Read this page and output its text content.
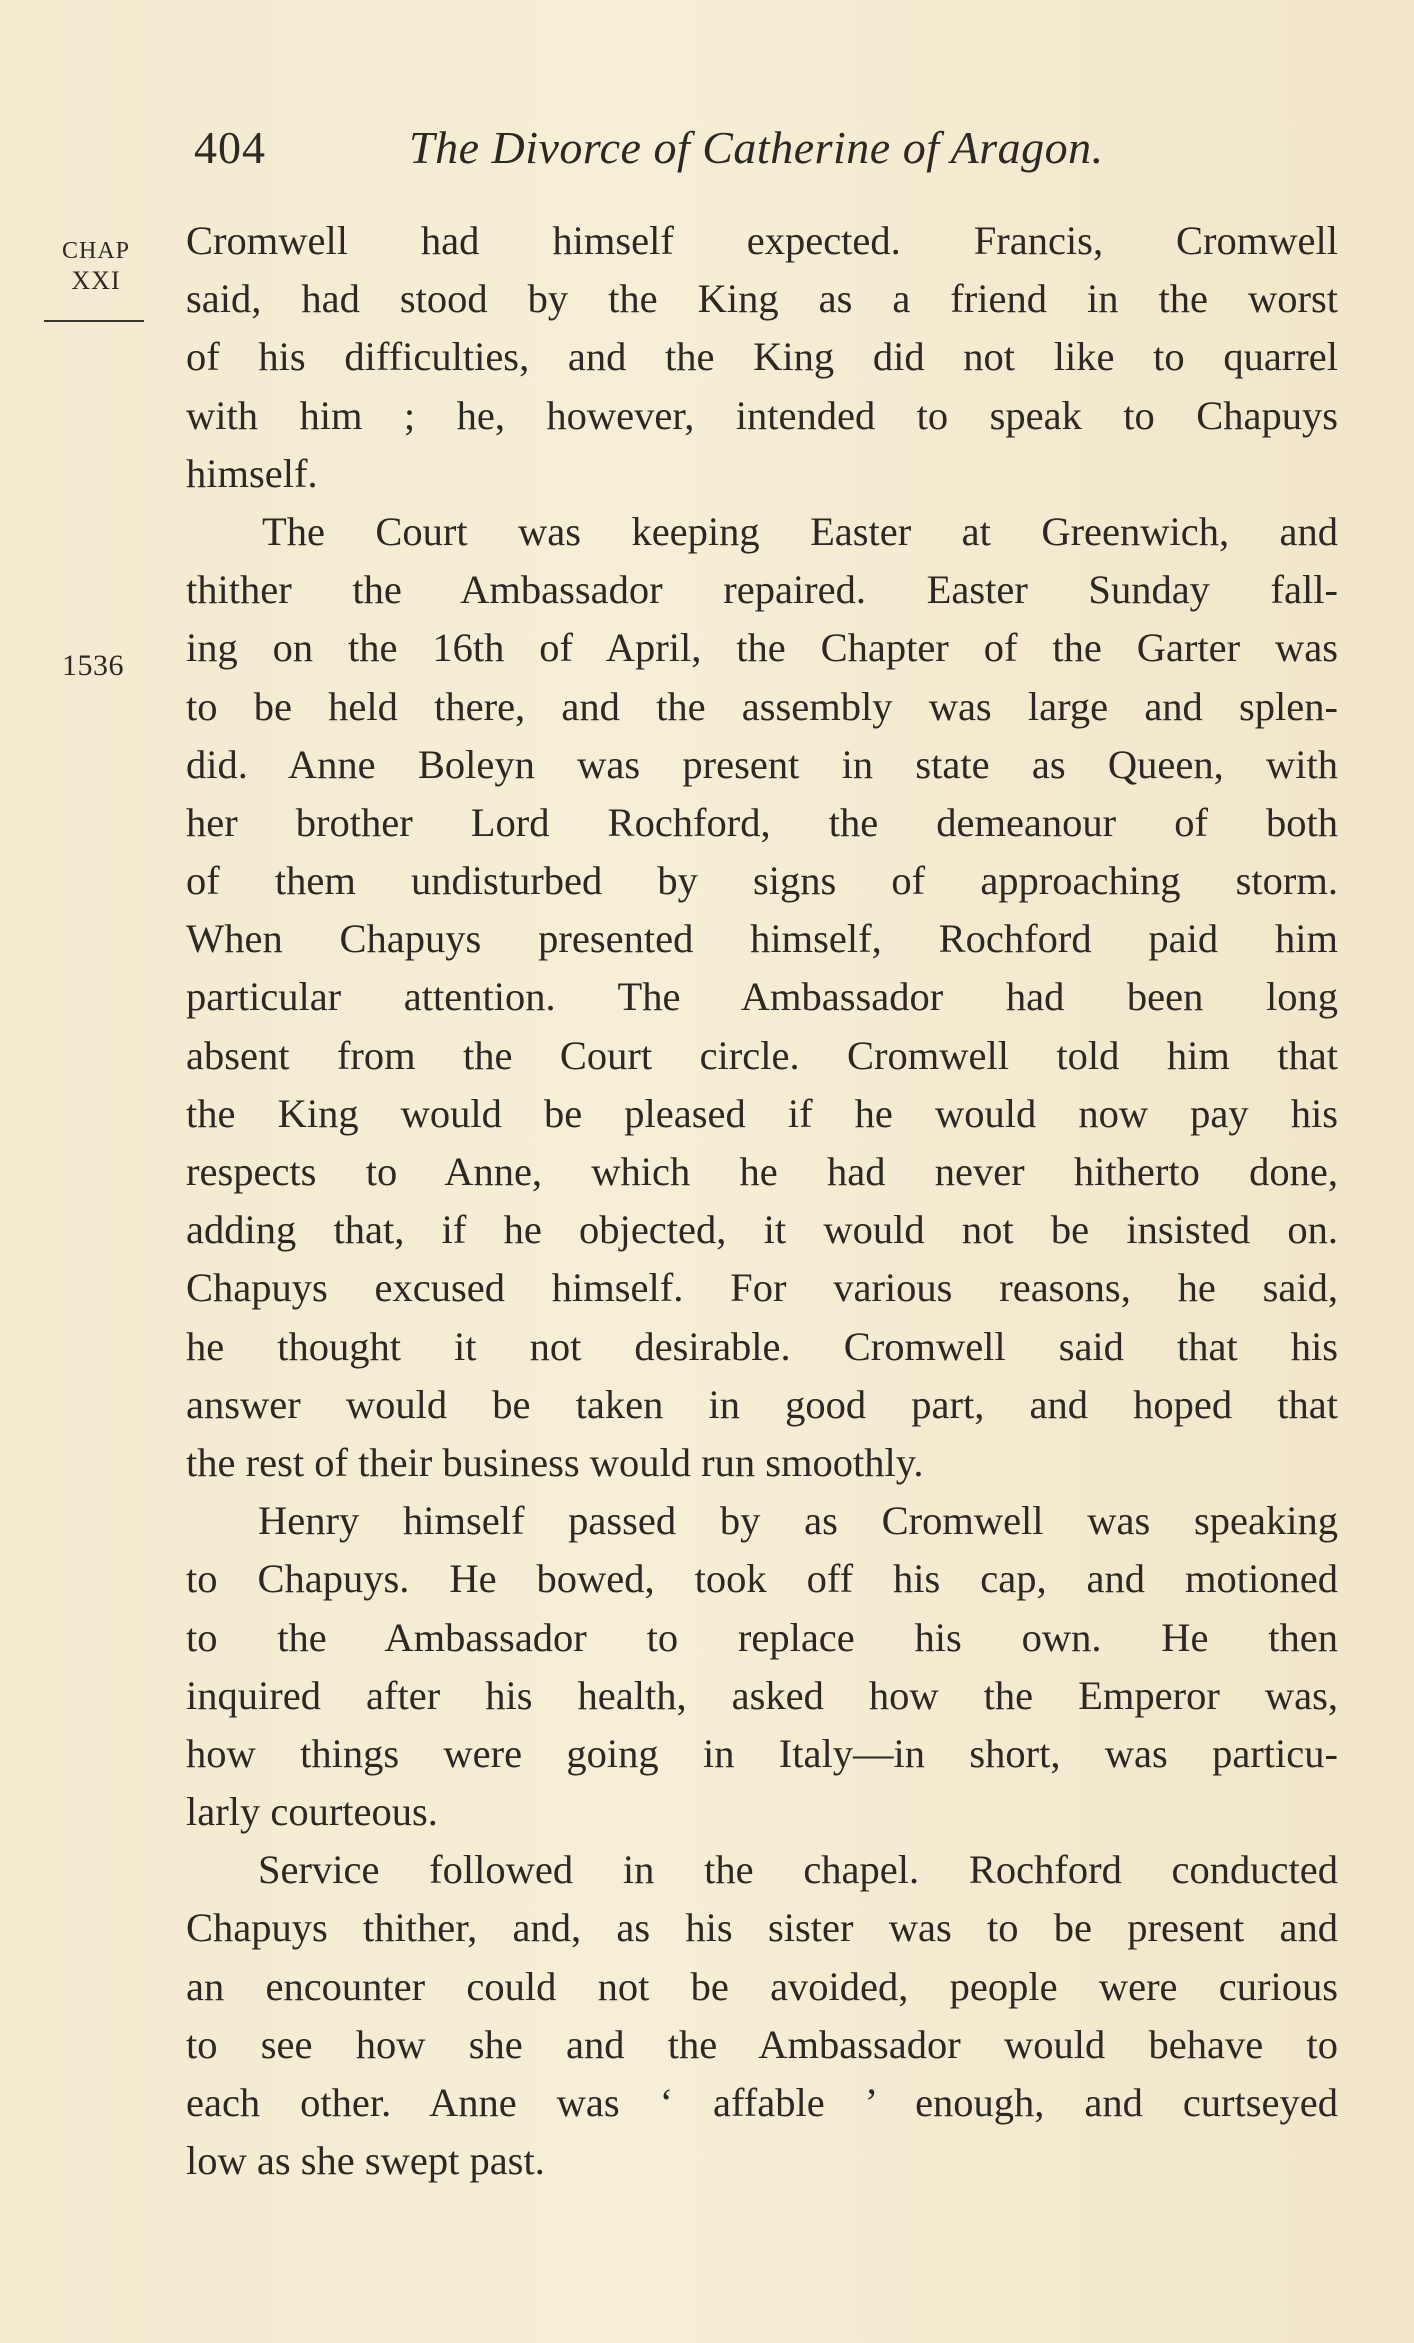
404	The Divorce of Catherine of Aragon.
CHAP
XXI
1536
Cromwell had himself expected. Francis, Cromwell
said, had stood by the King as a friend in the worst
of his difficulties, and the King did not like to quarrel
with him ; he, however, intended to speak to Chapuys
himself.
The Court was keeping Easter at Greenwich, and
thither the Ambassador repaired. Easter Sunday fall-
ing on the 16th of April, the Chapter of the Garter was
to be held there, and the assembly was large and splen-
did. Anne Boleyn was present in state as Queen, with
her brother Lord Rochford, the demeanour of both
of them undisturbed by signs of approaching storm.
When Chapuys presented himself, Rochford paid him
particular attention. The Ambassador had been long
absent from the Court circle. Cromwell told him that
the King would be pleased if he would now pay his
respects to Anne, which he had never hitherto done,
adding that, if he objected, it would not be insisted on.
Chapuys excused himself. For various reasons, he said,
he thought it not desirable. Cromwell said that his
answer would be taken in good part, and hoped that
the rest of their business would run smoothly.
Henry himself passed by as Cromwell was speaking
to Chapuys. He bowed, took off his cap, and motioned
to the Ambassador to replace his own. He then
inquired after his health, asked how the Emperor was,
how things were going in Italy—in short, was particu-
larly courteous.
Service followed in the chapel. Rochford conducted
Chapuys thither, and, as his sister was to be present and
an encounter could not be avoided, people were curious
to see how she and the Ambassador would behave to
each other. Anne was ‘ affable ’ enough, and curtseyed
low as she swept past.
